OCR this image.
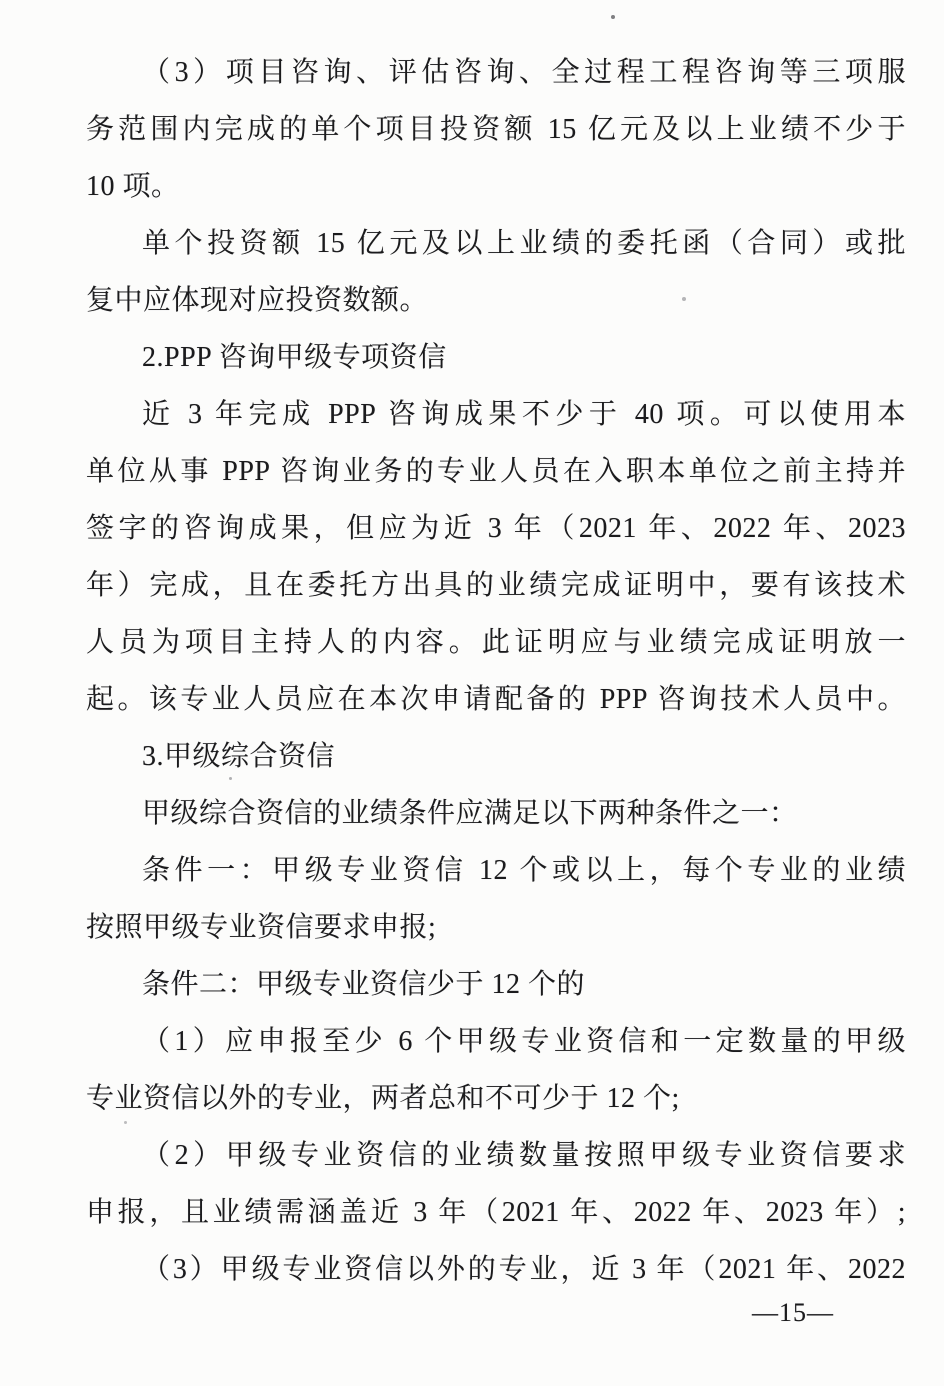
（3）项目咨询、评估咨询、全过程工程咨询等三项服
务范围内完成的单个项目投资额 15 亿元及以上业绩不少于
10 项。
单个投资额 15 亿元及以上业绩的委托函（合同）或批
复中应体现对应投资数额。
2.PPP 咨询甲级专项资信
近 3 年完成 PPP 咨询成果不少于 40 项。可以使用本
单位从事 PPP 咨询业务的专业人员在入职本单位之前主持并
签字的咨询成果，但应为近 3 年（2021 年、2022 年、2023
年）完成，且在委托方出具的业绩完成证明中，要有该技术
人员为项目主持人的内容。此证明应与业绩完成证明放一
起。该专业人员应在本次申请配备的 PPP 咨询技术人员中。
3.甲级综合资信
甲级综合资信的业绩条件应满足以下两种条件之一：
条件一：甲级专业资信 12 个或以上，每个专业的业绩
按照甲级专业资信要求申报;
条件二：甲级专业资信少于 12 个的
（1）应申报至少 6 个甲级专业资信和一定数量的甲级
专业资信以外的专业，两者总和不可少于 12 个;
（2）甲级专业资信的业绩数量按照甲级专业资信要求
申报，且业绩需涵盖近 3 年（2021 年、2022 年、2023 年）;
（3）甲级专业资信以外的专业，近 3 年（2021 年、2022
—15—
